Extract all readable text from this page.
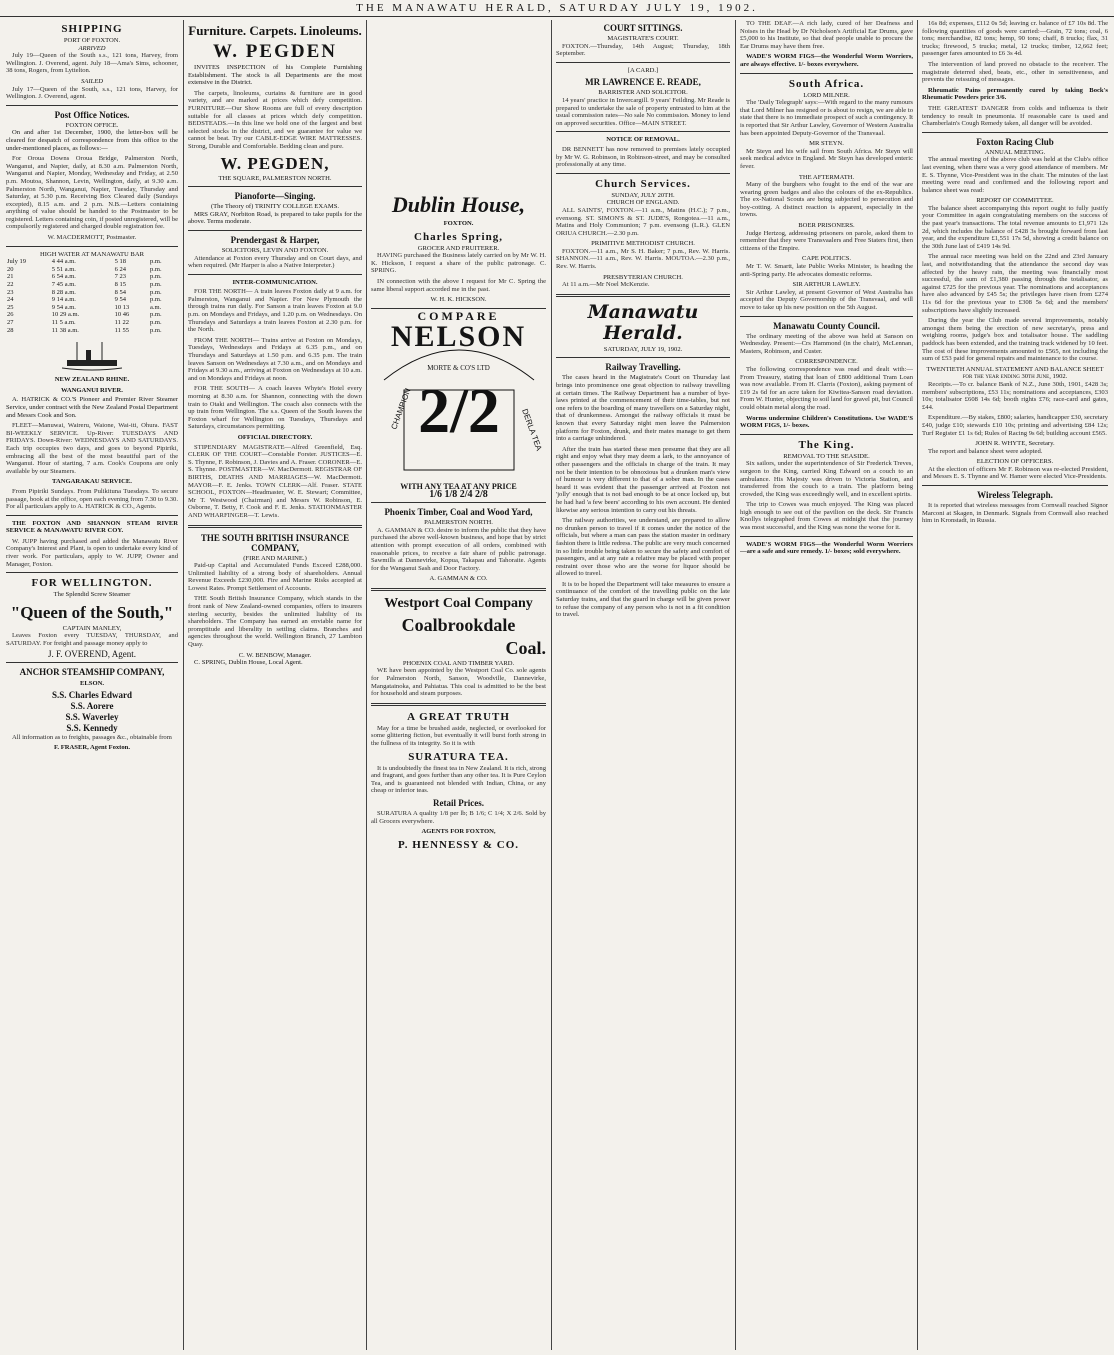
THE MANAWATU HERALD, SATURDAY JULY 19, 1902.
SHIPPING
PORT OF FOXTON.
ARRIVED

July 19—Queen of the South s.s., 121 tons, Harvey, from Wellington. J. Overend, agent. July 18—Ama's Sims, schooner, 38 tons, Rogers, from Lyttelton.

SAILED

July 17—Queen of the South, s.s., 121 tons, Harvey, for Wellington. J. Overend, agent.

Post Office Notices.
FOXTON OFFICE.

On and after 1st December, 1900, the letter-box will be cleared for despatch of correspondence from this office to the under-mentioned places, as follows:—

For Oroua Downs Oroua Bridge, Palmerston North, Wanganui, and Napier, daily, at 8.30 a.m. Palmerston North, Wanganui and Napier, Monday, Wednesday and Friday, at 2.50 p.m. Moutoa, Shannon, Levin, Wellington, daily, at 9.30 a.m. Palmerston North, Wanganui, Napier, Tuesday, Thursday and Saturday, at 5.30 p.m. Receiving Box Cleared daily (Sundays excepted), 8.15 a.m. and 2 p.m. N.B.—Letters containing anything of value should be handed to the Postmaster to be registered. Letters containing coin, if posted unregistered, will be compulsorily registered and charged double registration fee.

W. MACDERMOTT, Postmaster.

HIGH WATER AT MANAWATU BAR
July 19	4 44 a.m.	5 18	p.m.
20	5 51 a.m.	6 24	p.m.
21	6 54 a.m.	7 23	p.m.
22	7 45 a.m.	8 15	p.m.
23	8 28 a.m.	8 54	p.m.
24	9 14 a.m.	9 54	p.m.
25	9 54 a.m.	10 13	a.m.
26	10 29 a.m.	10 46	p.m.
27	11 5 a.m.	11 22	p.m.
28	11 38 a.m.	11 55	p.m.
NEW ZEALAND RHINE.
WANGANUI RIVER.

A. HATRICK & CO.'S Pioneer and Premier River Steamer Service, under contract with the New Zealand Postal Department and Messrs Cook and Son.

FLEET—Manuwai, Waireru, Waione, Wai-iti, Ohura. FAST BI-WEEKLY SERVICE. Up-River: TUESDAYS AND FRIDAYS. Down-River: WEDNESDAYS AND SATURDAYS. Each trip occupies two days, and goes to beyond Pipiriki, embracing all the best of the most beautiful part of the Wanganui. Hour of starting, 7 a.m. Cook's Coupons are only available by our Steamers.

TANGARAKAU SERVICE.

From Pipiriki Sundays. From Pulikituna Tuesdays. To secure passage, book at the office, open each evening from 7.30 to 9.30. For all particulars apply to A. HATRICK & CO., Agents.

THE FOXTON AND SHANNON STEAM RIVER SERVICE & MANAWATU RIVER COY.

W. JUPP having purchased and added the Manawatu River Company's Interest and Plant, is open to undertake every kind of river work. For particulars, apply to W. JUPP, Owner and Manager, Foxton.

FOR WELLINGTON.
The Splendid Screw Steamer
"Queen of the South,"
CAPTAIN MANLEY,

Leaves Foxton every TUESDAY, THURSDAY, and SATURDAY. For freight and passage money apply to

J. F. OVEREND, Agent.
ANCHOR STEAMSHIP COMPANY,
ELSON.
S.S. Charles Edward
S.S. Aorere
S.S. Waverley
S.S. Kennedy

All information as to freights, passages &c., obtainable from

F. FRASER, Agent Foxton.
Furniture. Carpets. Linoleums.
W. PEGDEN

INVITES INSPECTION of his Complete Furnishing Establishment. The stock is all Departments are the most extensive in the District.

The carpets, linoleums, curtains & furniture are in good variety, and are marked at prices which defy competition. FURNITURE—Our Show Rooms are full of every description suitable for all classes at prices which defy competition. BEDSTEADS.—In this line we hold one of the largest and best selected stocks in the district, and we guarantee for value we cannot be beat. Try our CABLE-EDGE WIRE MATTRESSES. Strong, Durable and Comfortable. Bedding clean and pure.

W. PEGDEN,
THE SQUARE, PALMERSTON NORTH.
Pianoforte—Singing.
(The Theory of) TRINITY COLLEGE EXAMS.

MRS GRAY, Norbiton Road, is prepared to take pupils for the above. Terms moderate.

Prendergast & Harper,
SOLICITORS, LEVIN AND FOXTON.

Attendance at Foxton every Thursday and on Court days, and when required. (Mr Harper is also a Native Interpreter.)

INTER-COMMUNICATION.

FOR THE NORTH— A train leaves Foxton daily at 9 a.m. for Palmerston, Wanganui and Napier. For New Plymouth the through trains run daily. For Sanson a train leaves Foxton at 9.0 p.m. on Mondays and Fridays, and 1.20 p.m. on Wednesdays. On Thursdays and Saturdays a train leaves Foxton at 2.30 p.m. for the North.

FROM THE NORTH— Trains arrive at Foxton on Mondays, Tuesdays, Wednesdays and Fridays at 6.35 p.m., and on Thursdays and Saturdays at 1.50 p.m. and 6.35 p.m. The train leaves Sanson on Wednesdays at 7.30 a.m., and on Mondays and Fridays at 9.30 a.m., arriving at Foxton on Wednesdays at 10 a.m. and on Mondays and Fridays at noon.

FOR THE SOUTH— A coach leaves Whyte's Hotel every morning at 8.30 a.m. for Shannon, connecting with the down train to Otaki and Wellington. The coach also connects with the up train from Wellington. The s.s. Queen of the South leaves the Foxton wharf for Wellington on Tuesdays, Thursdays and Saturdays, circumstances permitting.

OFFICIAL DIRECTORY.

STIPENDIARY MAGISTRATE—Alfred Greenfield, Esq. CLERK OF THE COURT—Constable Forster. JUSTICES—E. S. Thynne, F. Robinson, J. Davies and A. Fraser. CORONER—E. S. Thynne. POSTMASTER—W. MacDermott. REGISTRAR OF BIRTHS, DEATHS AND MARRIAGES—W. MacDermott. MAYOR—F. E. Jenks. TOWN CLERK—Alf. Fraser. STATE SCHOOL, FOXTON—Headmaster, W. E. Stewart; Committee, Mr T. Westwood (Chairman) and Messrs W. Robinson, E. Osborne, T. Betty, F. Cook and F. E. Jenks. STATIONMASTER AND WHARFINGER—T. Lewis.

THE SOUTH BRITISH INSURANCE COMPANY,
(FIRE AND MARINE.)

Paid-up Capital and Accumulated Funds Exceed £288,000. Unlimited liability of a strong body of shareholders. Annual Revenue Exceeds £230,000. Fire and Marine Risks accepted at Lowest Rates. Prompt Settlement of Accounts.

THE South British Insurance Company, which stands in the front rank of New Zealand-owned companies, offers to insurers sterling security, besides the unlimited liability of its shareholders. The Company has earned an enviable name for promptitude and liberality in settling claims. Branches and agencies throughout the world. Wellington Branch, 27 Lambton Quay.

C. W. BENBOW, Manager.

C. SPRING, Dublin House, Local Agent.

Dublin House,
FOXTON.
Charles Spring,
GROCER AND FRUITERER.

HAVING purchased the Business lately carried on by Mr W. H. K. Hickson, I request a share of the public patronage. C. SPRING.

IN connection with the above I request for Mr C. Spring the same liberal support accorded me in the past.

W. H. K. HICKSON.
COMPARE
2/2
CHAMPION	DERLA TEA
NELSON
MORTE & CO'S LTD
WITH ANY TEA AT ANY PRICE
1/6 1/8 2/4 2/8
Phoenix Timber, Coal and Wood Yard,
PALMERSTON NORTH.

A. GAMMAN & CO. desire to inform the public that they have purchased the above well-known business, and hope that by strict attention with prompt execution of all orders, combined with reasonable prices, to receive a fair share of public patronage. Sawmills at Dannevirke, Kopua, Takapau and Tahoraite. Agents for the Wanganui Sash and Door Factory.

A. GAMMAN & CO.
Westport Coal Company
Coalbrookdale
Coal.
PHOENIX COAL AND TIMBER YARD.

WE have been appointed by the Westport Coal Co. sole agents for Palmerston North, Sanson, Woodville, Dannevirke, Mangatainoka, and Pahiatua. This coal is admitted to be the best for household and steam purposes.

A GREAT TRUTH

May for a time be brushed aside, neglected, or overlooked for some glittering fiction, but eventually it will burst forth strong in the fullness of its integrity. So it is with

SURATURA TEA.

It is undoubtedly the finest tea in New Zealand. It is rich, strong and fragrant, and goes further than any other tea. It is Pure Ceylon Tea, and is guaranteed not blended with Indian, China, or any cheap or inferior teas.

Retail Prices.

SURATURA A quality 1/8 per lb; B 1/6; C 1/4; X 2/6. Sold by all Grocers everywhere.

AGENTS FOR FOXTON,
P. HENNESSY & CO.
COURT SITTINGS.
MAGISTRATE'S COURT.

FOXTON.—Thursday, 14th August; Thursday, 18th September.

[A CARD.]
MR LAWRENCE E. READE,
BARRISTER AND SOLICITOR.

14 years' practice in Invercargill. 9 years' Feilding. Mr Reade is prepared to undertake the sale of property entrusted to him at the usual commission rates—No sale No commission. Money to lend on approved securities. Office—MAIN STREET.

NOTICE OF REMOVAL.

DR BENNETT has now removed to premises lately occupied by Mr W. G. Robinson, in Robinson-street, and may be consulted professionally at any time.

Church Services.
SUNDAY, JULY 20TH.
CHURCH OF ENGLAND.

ALL SAINTS', FOXTON.—11 a.m., Matins (H.C.); 7 p.m., evensong. ST. SIMON'S & ST. JUDE'S, Rongotea.—11 a.m., Matins and Holy Communion; 7 p.m. evensong (L.R.). GLEN ORIUA CHURCH.—2.30 p.m.

PRIMITIVE METHODIST CHURCH.

FOXTON.—11 a.m., Mr S. H. Baker; 7 p.m., Rev. W. Harris. SHANNON.—11 a.m., Rev. W. Harris. MOUTOA.—2.30 p.m., Rev. W. Harris.

PRESBYTERIAN CHURCH.

At 11 a.m.—Mr Noel McKenzie.

Manawatu Herald.
SATURDAY, JULY 19, 1902.
Railway Travelling.

The cases heard in the Magistrate's Court on Thursday last brings into prominence one great objection to railway travelling at certain times. The Railway Department has a number of bye-laws printed at the commencement of their time-tables, but not one refers to the boarding of many travellers on a Saturday night, that of drunkenness. Amongst the railway officials it must be known that every Saturday night men leave the Palmerston platform for Foxton, drunk, and their mates manage to get them into a carriage unhindered.

After the train has started these men presume that they are all right and enjoy what they may deem a lark, to the annoyance of other passengers and the officials in charge of the train. It may not be their intention to be obnoxious but a drunken man's view of humour is very different to that of a sober man. In the cases heard it was evident that the passenger arrived at Foxton not 'jolly' enough that is not bad enough to be at once locked up, but he had had 'a few beers' according to his own account. He denied likewise any serious intention to carry out his threats.

The railway authorities, we understand, are prepared to allow no drunken person to travel if it comes under the notice of the officials, but where a man can pass the station master in ordinary fashion there is little redress. The public are very much concerned in so little trouble being taken to secure the safety and comfort of passengers, and at any rate a relative may be placed with proper restraint over those who are the worse for liquor should be allowed to travel.

It is to be hoped the Department will take measures to ensure a continuance of the comfort of the travelling public on the late Saturday trains, and that the guard in charge will be given power to refuse the company of any person who is not in a fit condition to travel.

TO THE DEAF.—A rich lady, cured of her Deafness and Noises in the Head by Dr Nicholson's Artificial Ear Drums, gave £5,000 to his Institute, so that deaf people unable to procure the Ear Drums may have them free.

WADE'S WORM FIGS—the Wonderful Worm Worriers, are always effective. 1/- boxes everywhere.

South Africa.
LORD MILNER.

The 'Daily Telegraph' says:—With regard to the many rumours that Lord Milner has resigned or is about to resign, we are able to state that there is no immediate prospect of such a contingency. It is reported that Sir Arthur Lawley, Governor of Western Australia has been appointed Deputy-Governor of the Transvaal.

MR STEYN.

Mr Steyn and his wife sail from South Africa. Mr Steyn will seek medical advice in England. Mr Steyn has developed enteric fever.

THE AFTERMATH.

Many of the burghers who fought to the end of the war are wearing green badges and also the colours of the ex-Republics. The ex-National Scouts are being subjected to persecution and boy-cotting. A distinct reaction is apparent, especially in the towns.

BOER PRISONERS.

Judge Hertzog, addressing prisoners on parole, asked them to remember that they were Transvaalers and Free Staters first, then citizens of the Empire.

CAPE POLITICS.

Mr T. W. Smartt, late Public Works Minister, is heading the anti-Spring party. He advocates domestic reforms.

SIR ARTHUR LAWLEY.

Sir Arthur Lawley, at present Governor of West Australia has accepted the Deputy Governorship of the Transvaal, and will move to take up his new position on the 5th August.

Manawatu County Council.

The ordinary meeting of the above was held at Sanson on Wednesday. Present:—Crs Hammond (in the chair), McLennan, Masters, Robinson, and Custer.

CORRESPONDENCE.

The following correspondence was read and dealt with:— From Treasury, stating that loan of £800 additional Tram Loan was now available. From H. Clarris (Foxton), asking payment of £19 2s 6d for an acre taken for Kiwitea-Sanson road deviation. From W. Hunter, objecting to soil land for gravel pit, but Council could obtain metal along the road.

Worms undermine Children's Constitutions. Use WADE'S WORM FIGS, 1/- boxes.

The King.
REMOVAL TO THE SEASIDE.

Six sailors, under the superintendence of Sir Frederick Treves, surgeon to the King, carried King Edward on a couch to an ambulance. His Majesty was driven to Victoria Station, and transferred from the couch to a train. The platform being crowded, the King was exceedingly well, and in excellent spirits.

The trip to Cowes was much enjoyed. The King was placed high enough to see out of the pavilion on the deck. Sir Francis Knollys telegraphed from Cowes at midnight that the journey was most successful, and the King was none the worse for it.

WADE'S WORM FIGS—the Wonderful Worm Worriers—are a safe and sure remedy. 1/- boxes; sold everywhere.

16s 8d; expenses, £112 0s 5d; leaving cr. balance of £7 10s 8d. The following quantities of goods were carried:—Grain, 72 tons; coal, 6 tons; merchandise, 82 tons; hemp, 90 tons; chaff, 8 trucks; flax, 31 trucks; firewood, 5 trucks; metal, 12 trucks; timber, 12,662 feet; passenger fares amounted to £6 3s 4d.

The intervention of land proved no obstacle to the receiver. The magistrate deterred shed, beats, etc., other in sensitiveness, and prevents the reissuing of messages.

Rheumatic Pains permanently cured by taking Bock's Rheumatic Powders price 3/6.

THE GREATEST DANGER from colds and influenza is their tendency to result in pneumonia. If reasonable care is used and Chamberlain's Cough Remedy taken, all danger will be avoided.

Foxton Racing Club
ANNUAL MEETING.

The annual meeting of the above club was held at the Club's office last evening, when there was a very good attendance of members. Mr E. S. Thynne, Vice-President was in the chair. The minutes of the last meeting were read and confirmed and the following report and balance sheet was read:

REPORT OF COMMITTEE.

The balance sheet accompanying this report ought to fully justify your Committee in again congratulating members on the success of the past year's transactions. The total revenue amounts to £1,971 12s 2d, which includes the balance of £428 3s brought forward from last year, and the expenditure £1,551 17s 5d, showing a credit balance on the 30th June last of £419 14s 9d.

The annual race meeting was held on the 22nd and 23rd January last, and notwithstanding that the attendance the second day was affected by the heavy rain, the meeting was financially most successful, the sum of £1,380 passing through the totalisator, as against £725 for the previous year. The nominations and acceptances have also advanced by £45 5s; the privileges have risen from £274 11s 6d for the previous year to £308 5s 6d; and the members' subscriptions have slightly increased.

During the year the Club made several improvements, notably amongst them being the erection of new secretary's, press and weighing rooms, judge's box and totalisator house. The saddling paddock has been extended, and the training track widened by 10 feet. The cost of these improvements amounted to £565, not including the sum of £53 paid for general repairs and maintenance to the course.

TWENTIETH ANNUAL STATEMENT AND BALANCE SHEET for the year ending 30th June, 1902.

Receipts.—To cr. balance Bank of N.Z., June 30th, 1901, £428 3s; members' subscriptions, £53 11s; nominations and acceptances, £303 10s; totalisator £608 14s 6d; booth rights £76; race-card and gates, £44.

Expenditure.—By stakes, £800; salaries, handicapper £30, secretary £40, judge £10; stewards £10 10s; printing and advertising £84 12s; Turf Register £1 1s 6d; Rules of Racing 9s 6d; building account £565.

JOHN R. WHYTE, Secretary.

The report and balance sheet were adopted.

ELECTION OF OFFICERS.

At the election of officers Mr F. Robinson was re-elected President, and Messrs E. S. Thynne and W. Hamer were elected Vice-Presidents.

Wireless Telegraph.

It is reported that wireless messages from Cornwall reached Signor Marconi at Skagen, in Denmark. Signals from Cornwall also reached him in Kronstadt, in Russia.
